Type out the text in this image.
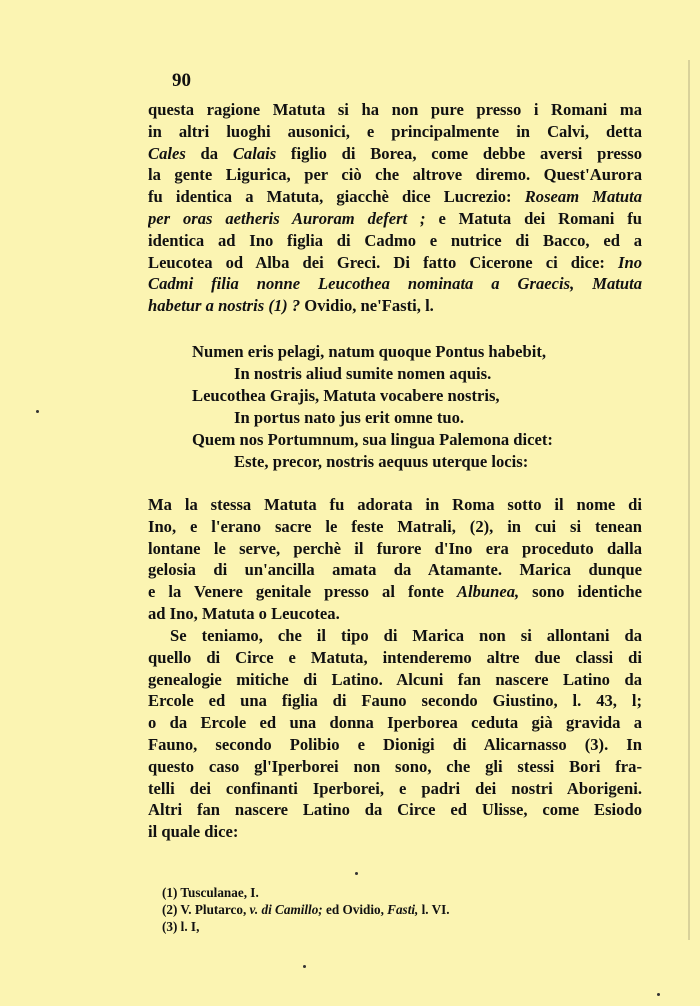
90
questa ragione Matuta si ha non pure presso i Romani ma
in altri luoghi ausonici, e principalmente in Calvi, detta
Cales da Calais figlio di Borea, come debbe aversi presso
la gente Ligurica, per ciò che altrove diremo. Quest'Aurora
fu identica a Matuta, giacchè dice Lucrezio: Roseam Matuta
per oras aetheris Auroram defert ; e Matuta dei Romani fu
identica ad Ino figlia di Cadmo e nutrice di Bacco, ed a
Leucotea od Alba dei Greci. Di fatto Cicerone ci dice: Ino
Cadmi filia nonne Leucothea nominata a Graecis, Matuta
habetur a nostris (1) ? Ovidio, ne'Fasti, l.
Numen eris pelagi, natum quoque Pontus habebit,
In nostris aliud sumite nomen aquis.
Leucothea Grajis, Matuta vocabere nostris,
In portus nato jus erit omne tuo.
Quem nos Portumnum, sua lingua Palemona dicet:
Este, precor, nostris aequus uterque locis:
Ma la stessa Matuta fu adorata in Roma sotto il nome di
Ino, e l'erano sacre le feste Matrali, (2), in cui si tenean
lontane le serve, perchè il furore d'Ino era proceduto dalla
gelosia di un'ancilla amata da Atamante. Marica dunque
e la Venere genitale presso al fonte Albunea, sono identiche
ad Ino, Matuta o Leucotea.
Se teniamo, che il tipo di Marica non si allontani da
quello di Circe e Matuta, intenderemo altre due classi di
genealogie mitiche di Latino. Alcuni fan nascere Latino da
Ercole ed una figlia di Fauno secondo Giustino, l. 43, l;
o da Ercole ed una donna Iperborea ceduta già gravida a
Fauno, secondo Polibio e Dionigi di Alicarnasso (3). In
questo caso gl'Iperborei non sono, che gli stessi Bori fra-
telli dei confinanti Iperborei, e padri dei nostri Aborigeni.
Altri fan nascere Latino da Circe ed Ulisse, come Esiodo
il quale dice:
(1) Tusculanae, I.
(2) V. Plutarco, v. di Camillo; ed Ovidio, Fasti, l. VI.
(3) l. I,
